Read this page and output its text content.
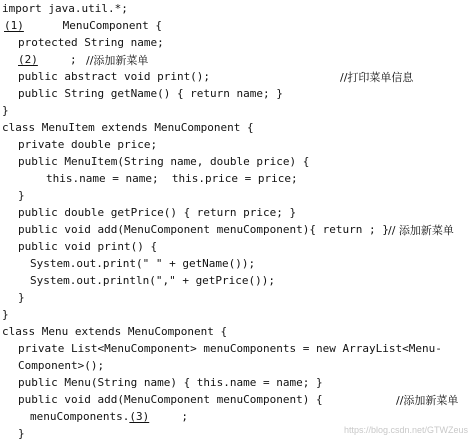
import java.util.*;
(1)	MenuComponent {
protected String name;
(2)	; //添加新菜单
public abstract void print();	//打印菜单信息
public String getName() { return name; }
}
class MenuItem extends MenuComponent {
private double price;
public MenuItem(String name, double price) {
this.name = name;  this.price = price;
}
public double getPrice() { return price; }
public void add(MenuComponent menuComponent){ return ; } // 添加新菜单
public void print() {
System.out.print(" " + getName());
System.out.println("," + getPrice());
}
}
class Menu extends MenuComponent {
private List<MenuComponent> menuComponents = new ArrayList<Menu-
Component>();
public Menu(String name) { this.name = name; }
public void add(MenuComponent menuComponent) {	//添加新菜单
menuComponents.(3)	;
}	https://blog.csdn.net/GTWZeus
